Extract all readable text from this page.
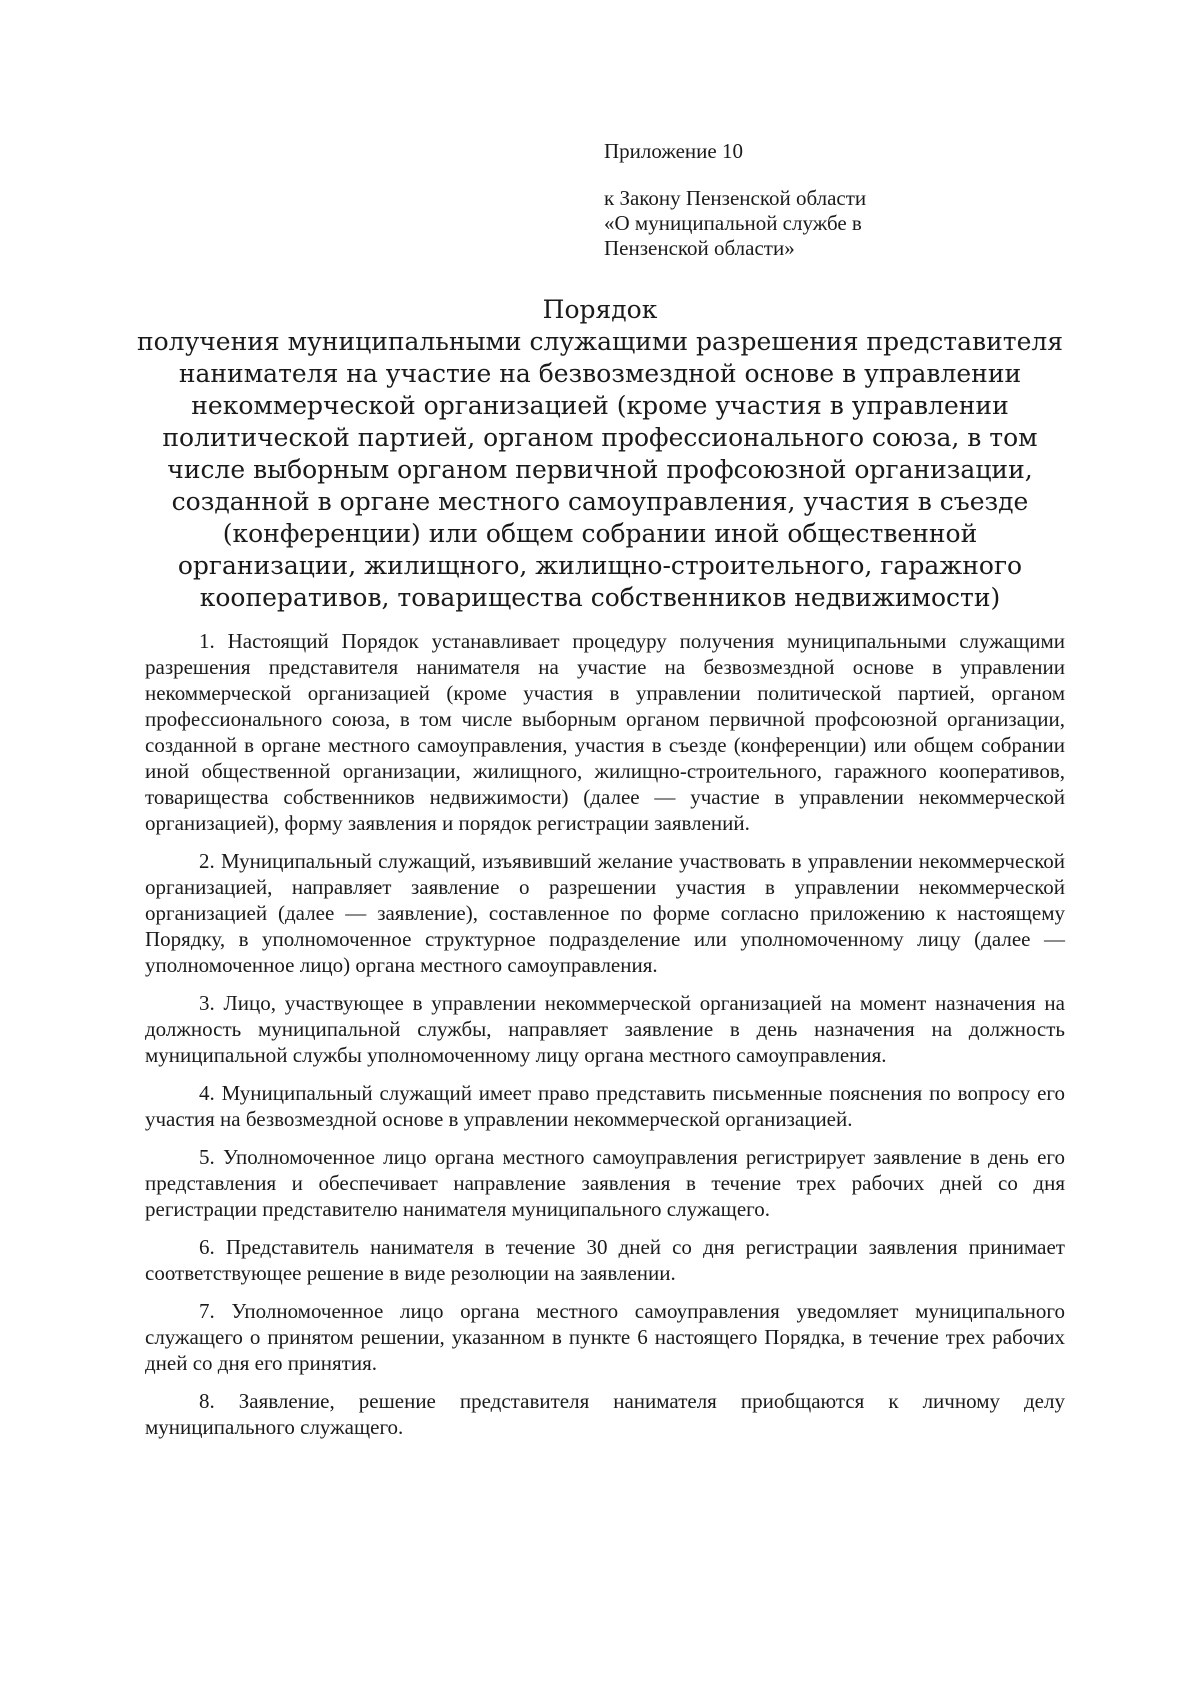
Приложение 10

к Закону Пензенской области
«О муниципальной службе в
Пензенской области»

Порядок
получения муниципальными служащими разрешения представителя нанимателя на участие на безвозмездной основе в управлении некоммерческой организацией (кроме участия в управлении политической партией, органом профессионального союза, в том числе выборным органом первичной профсоюзной организации, созданной в органе местного самоуправления, участия в съезде (конференции) или общем собрании иной общественной организации, жилищного, жилищно-строительного, гаражного кооперативов, товарищества собственников недвижимости)

1. Настоящий Порядок устанавливает процедуру получения муниципальными служащими разрешения представителя нанимателя на участие на безвозмездной основе в управлении некоммерческой организацией (кроме участия в управлении политической партией, органом профессионального союза, в том числе выборным органом первичной профсоюзной организации, созданной в органе местного самоуправления, участия в съезде (конференции) или общем собрании иной общественной организации, жилищного, жилищно-строительного, гаражного кооперативов, товарищества собственников недвижимости) (далее — участие в управлении некоммерческой организацией), форму заявления и порядок регистрации заявлений.

2. Муниципальный служащий, изъявивший желание участвовать в управлении некоммерческой организацией, направляет заявление о разрешении участия в управлении некоммерческой организацией (далее — заявление), составленное по форме согласно приложению к настоящему Порядку, в уполномоченное структурное подразделение или уполномоченному лицу (далее — уполномоченное лицо) органа местного самоуправления.

3. Лицо, участвующее в управлении некоммерческой организацией на момент назначения на должность муниципальной службы, направляет заявление в день назначения на должность муниципальной службы уполномоченному лицу органа местного самоуправления.

4. Муниципальный служащий имеет право представить письменные пояснения по вопросу его участия на безвозмездной основе в управлении некоммерческой организацией.

5. Уполномоченное лицо органа местного самоуправления регистрирует заявление в день его представления и обеспечивает направление заявления в течение трех рабочих дней со дня регистрации представителю нанимателя муниципального служащего.

6. Представитель нанимателя в течение 30 дней со дня регистрации заявления принимает соответствующее решение в виде резолюции на заявлении.

7. Уполномоченное лицо органа местного самоуправления уведомляет муниципального служащего о принятом решении, указанном в пункте 6 настоящего Порядка, в течение трех рабочих дней со дня его принятия.

8. Заявление, решение представителя нанимателя приобщаются к личному делу муниципального служащего.
